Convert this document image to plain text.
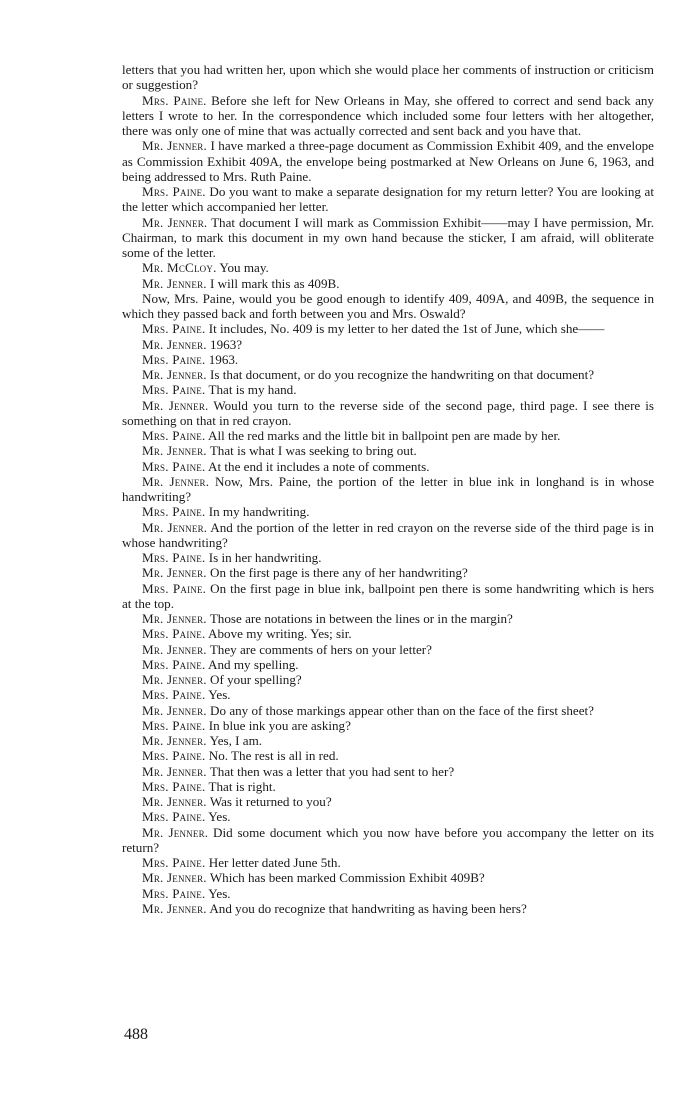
letters that you had written her, upon which she would place her comments of instruction or criticism or suggestion?

Mrs. Paine. Before she left for New Orleans in May, she offered to correct and send back any letters I wrote to her. In the correspondence which included some four letters with her altogether, there was only one of mine that was actually corrected and sent back and you have that.

Mr. Jenner. I have marked a three-page document as Commission Exhibit 409, and the envelope as Commission Exhibit 409A, the envelope being postmarked at New Orleans on June 6, 1963, and being addressed to Mrs. Ruth Paine.

Mrs. Paine. Do you want to make a separate designation for my return letter? You are looking at the letter which accompanied her letter.

Mr. Jenner. That document I will mark as Commission Exhibit——may I have permission, Mr. Chairman, to mark this document in my own hand because the sticker, I am afraid, will obliterate some of the letter.

Mr. McCloy. You may.

Mr. Jenner. I will mark this as 409B.

Now, Mrs. Paine, would you be good enough to identify 409, 409A, and 409B, the sequence in which they passed back and forth between you and Mrs. Oswald?

Mrs. Paine. It includes, No. 409 is my letter to her dated the 1st of June, which she——

Mr. Jenner. 1963?

Mrs. Paine. 1963.

Mr. Jenner. Is that document, or do you recognize the handwriting on that document?

Mrs. Paine. That is my hand.

Mr. Jenner. Would you turn to the reverse side of the second page, third page. I see there is something on that in red crayon.

Mrs. Paine. All the red marks and the little bit in ballpoint pen are made by her.

Mr. Jenner. That is what I was seeking to bring out.

Mrs. Paine. At the end it includes a note of comments.

Mr. Jenner. Now, Mrs. Paine, the portion of the letter in blue ink in longhand is in whose handwriting?

Mrs. Paine. In my handwriting.

Mr. Jenner. And the portion of the letter in red crayon on the reverse side of the third page is in whose handwriting?

Mrs. Paine. Is in her handwriting.

Mr. Jenner. On the first page is there any of her handwriting?

Mrs. Paine. On the first page in blue ink, ballpoint pen there is some handwriting which is hers at the top.

Mr. Jenner. Those are notations in between the lines or in the margin?

Mrs. Paine. Above my writing. Yes; sir.

Mr. Jenner. They are comments of hers on your letter?

Mrs. Paine. And my spelling.

Mr. Jenner. Of your spelling?

Mrs. Paine. Yes.

Mr. Jenner. Do any of those markings appear other than on the face of the first sheet?

Mrs. Paine. In blue ink you are asking?

Mr. Jenner. Yes, I am.

Mrs. Paine. No. The rest is all in red.

Mr. Jenner. That then was a letter that you had sent to her?

Mrs. Paine. That is right.

Mr. Jenner. Was it returned to you?

Mrs. Paine. Yes.

Mr. Jenner. Did some document which you now have before you accompany the letter on its return?

Mrs. Paine. Her letter dated June 5th.

Mr. Jenner. Which has been marked Commission Exhibit 409B?

Mrs. Paine. Yes.

Mr. Jenner. And you do recognize that handwriting as having been hers?

488
